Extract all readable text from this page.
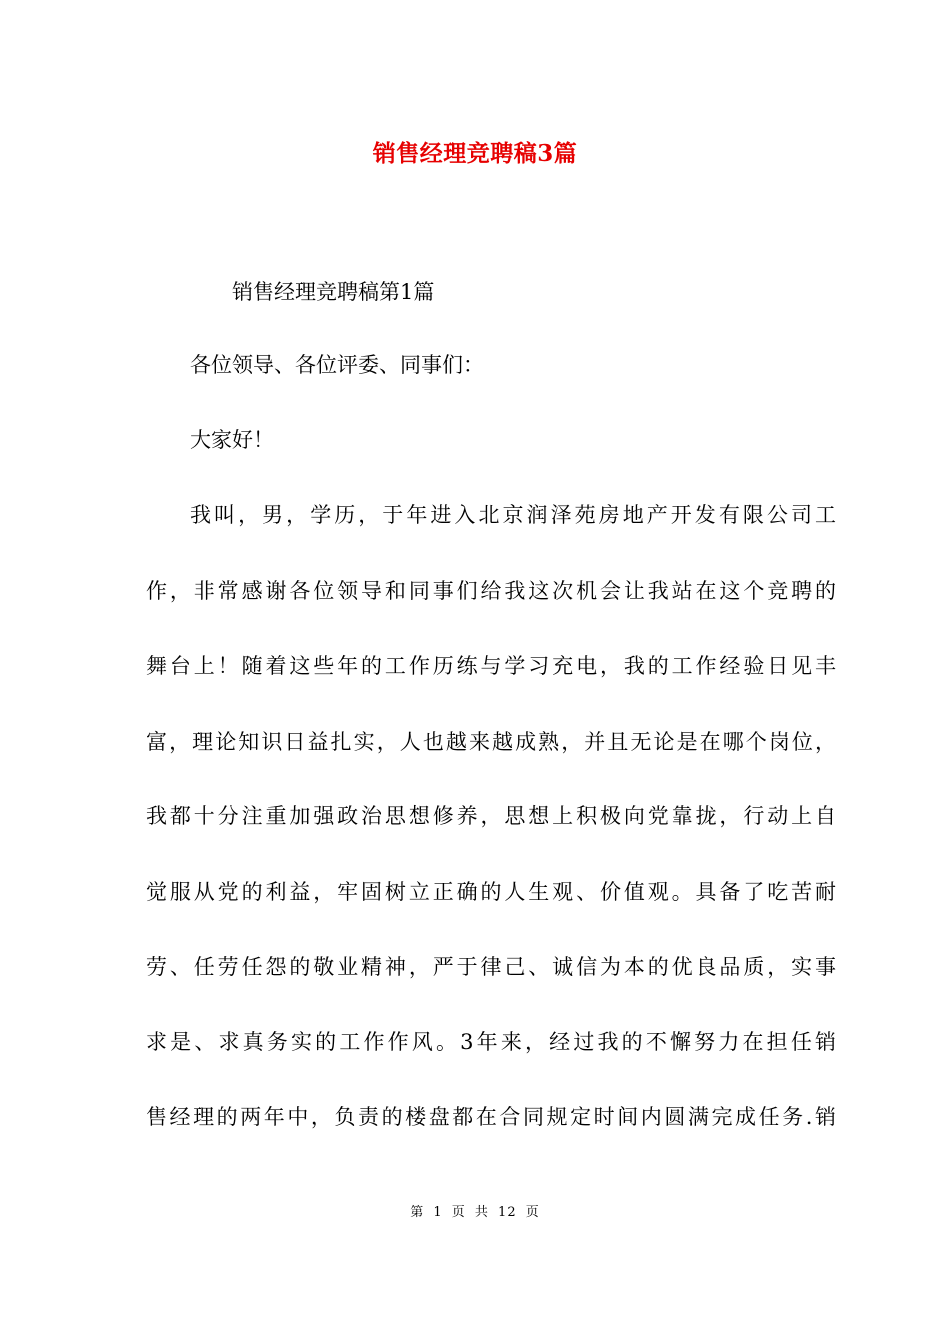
销售经理竞聘稿3篇
销售经理竞聘稿第1篇
各位领导、各位评委、同事们：
大家好！
我叫，男，学历，于年进入北京润泽苑房地产开发有限公司工
作，非常感谢各位领导和同事们给我这次机会让我站在这个竞聘的
舞台上！随着这些年的工作历练与学习充电，我的工作经验日见丰
富，理论知识日益扎实，人也越来越成熟，并且无论是在哪个岗位，
我都十分注重加强政治思想修养，思想上积极向党靠拢，行动上自
觉服从党的利益，牢固树立正确的人生观、价值观。具备了吃苦耐
劳、任劳任怨的敬业精神，严于律己、诚信为本的优良品质，实事
求是、求真务实的工作作风。3年来，经过我的不懈努力在担任销
售经理的两年中，负责的楼盘都在合同规定时间内圆满完成任务.销
第 1 页 共 12 页
